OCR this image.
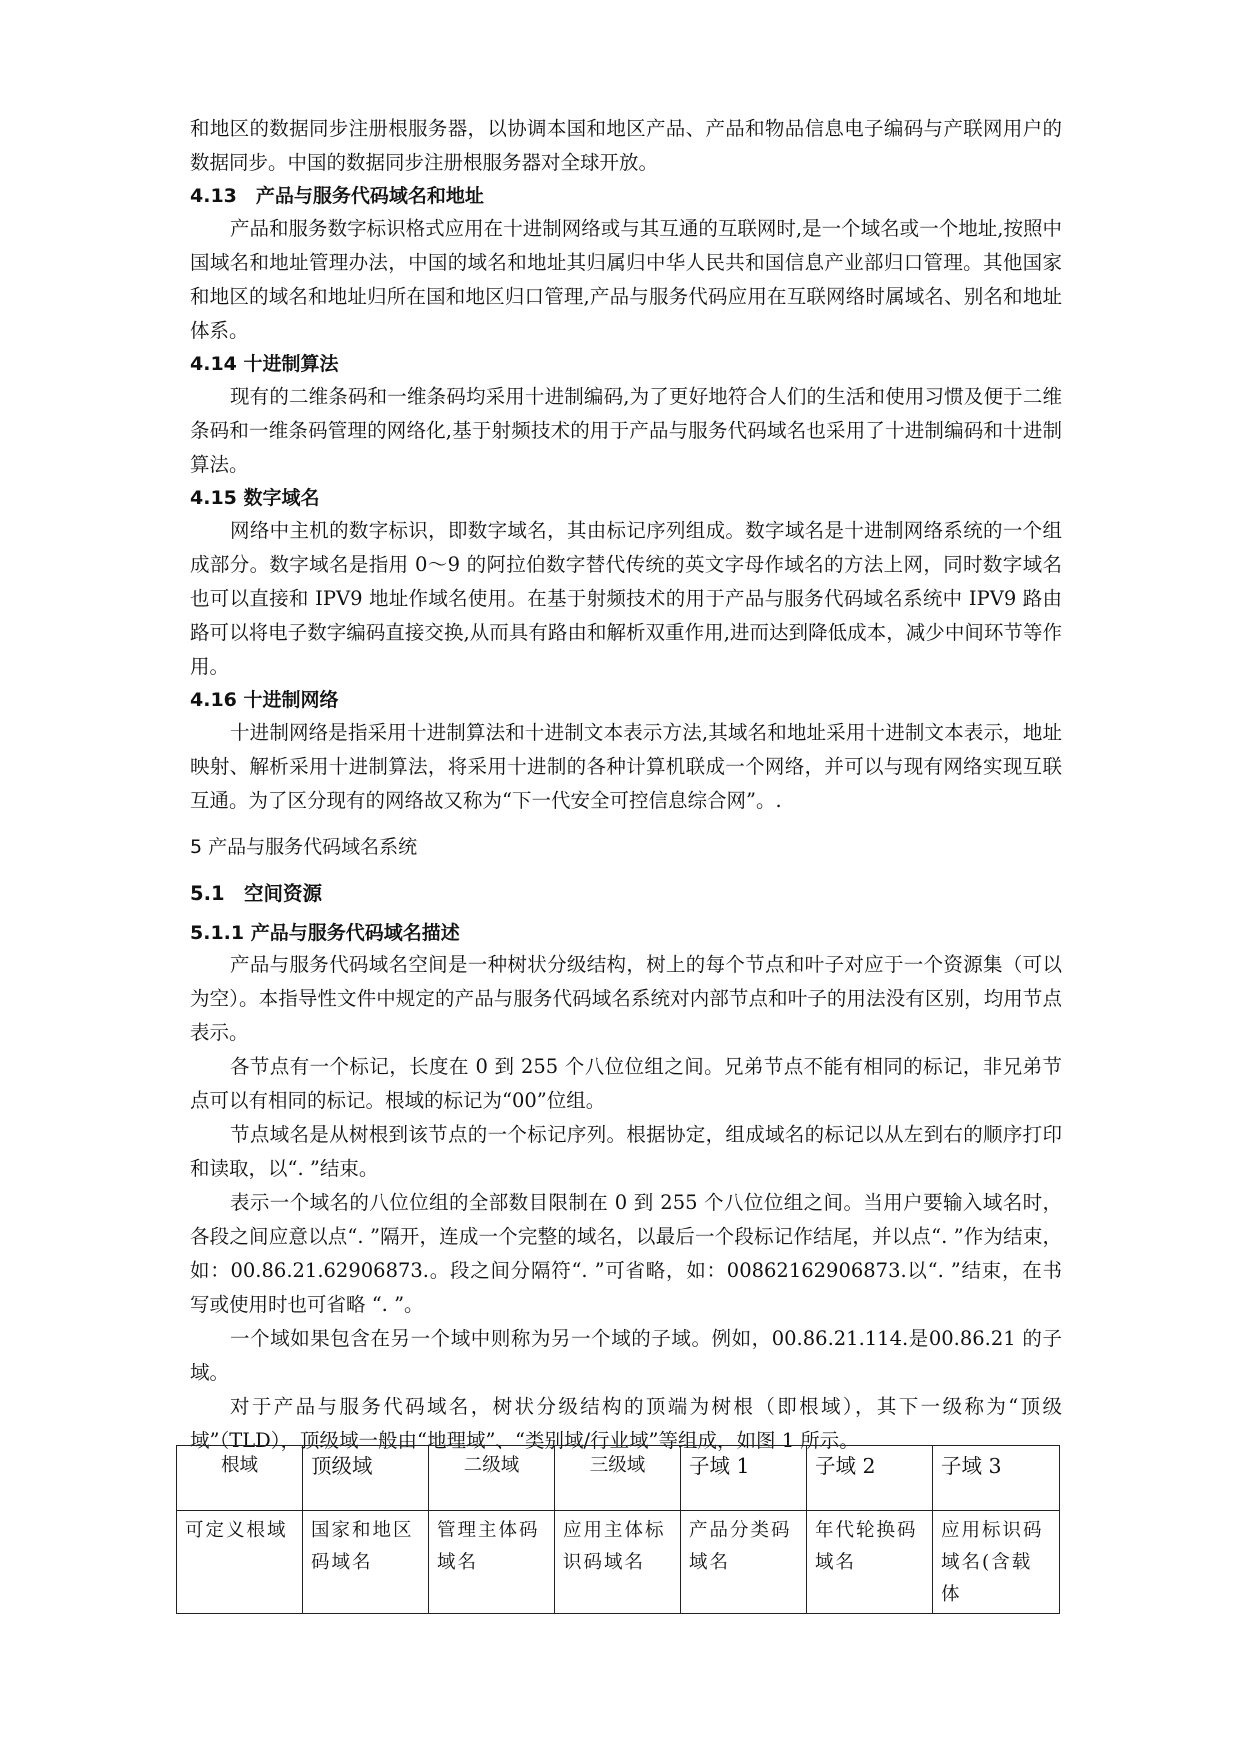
和地区的数据同步注册根服务器，以协调本国和地区产品、产品和物品信息电子编码与产联网用户的数据同步。中国的数据同步注册根服务器对全球开放。

4.13　产品与服务代码域名和地址

产品和服务数字标识格式应用在十进制网络或与其互通的互联网时,是一个域名或一个地址,按照中国域名和地址管理办法，中国的域名和地址其归属归中华人民共和国信息产业部归口管理。其他国家和地区的域名和地址归所在国和地区归口管理,产品与服务代码应用在互联网络时属域名、别名和地址体系。

4.14 十进制算法

现有的二维条码和一维条码均采用十进制编码,为了更好地符合人们的生活和使用习惯及便于二维条码和一维条码管理的网络化,基于射频技术的用于产品与服务代码域名也采用了十进制编码和十进制算法。

4.15 数字域名

网络中主机的数字标识，即数字域名，其由标记序列组成。数字域名是十进制网络系统的一个组成部分。数字域名是指用 0～9 的阿拉伯数字替代传统的英文字母作域名的方法上网，同时数字域名也可以直接和 IPV9 地址作域名使用。在基于射频技术的用于产品与服务代码域名系统中 IPV9 路由路可以将电子数字编码直接交换,从而具有路由和解析双重作用,进而达到降低成本，减少中间环节等作用。

4.16 十进制网络

十进制网络是指采用十进制算法和十进制文本表示方法,其域名和地址采用十进制文本表示，地址映射、解析采用十进制算法，将采用十进制的各种计算机联成一个网络，并可以与现有网络实现互联互通。为了区分现有的网络故又称为“下一代安全可控信息综合网”。.

5 产品与服务代码域名系统
5.1　空间资源
5.1.1 产品与服务代码域名描述

产品与服务代码域名空间是一种树状分级结构，树上的每个节点和叶子对应于一个资源集（可以为空）。本指导性文件中规定的产品与服务代码域名系统对内部节点和叶子的用法没有区别，均用节点表示。

各节点有一个标记，长度在 0 到 255 个八位位组之间。兄弟节点不能有相同的标记，非兄弟节点可以有相同的标记。根域的标记为“00”位组。

节点域名是从树根到该节点的一个标记序列。根据协定，组成域名的标记以从左到右的顺序打印和读取，以“. ”结束。

表示一个域名的八位位组的全部数目限制在 0 到 255 个八位位组之间。当用户要输入域名时，各段之间应意以点“. ”隔开，连成一个完整的域名，以最后一个段标记作结尾，并以点“. ”作为结束，如：00.86.21.62906873.。段之间分隔符“. ”可省略，如：00862162906873.以“. ”结束，在书写或使用时也可省略 “. ”。

一个域如果包含在另一个域中则称为另一个域的子域。例如，00.86.21.114.是00.86.21 的子域。

对于产品与服务代码域名，树状分级结构的顶端为树根（即根域），其下一级称为“顶级域”（TLD），顶级域一般由“地理域”、“类别域/行业域”等组成，如图 1 所示。

根域	顶级域	二级域	三级域	子域 1	子域 2	子域 3
可定义根域	国家和地区码域名	管理主体码域名	应用主体标识码域名	产品分类码域名	年代轮换码域名	应用标识码域名(含载体
